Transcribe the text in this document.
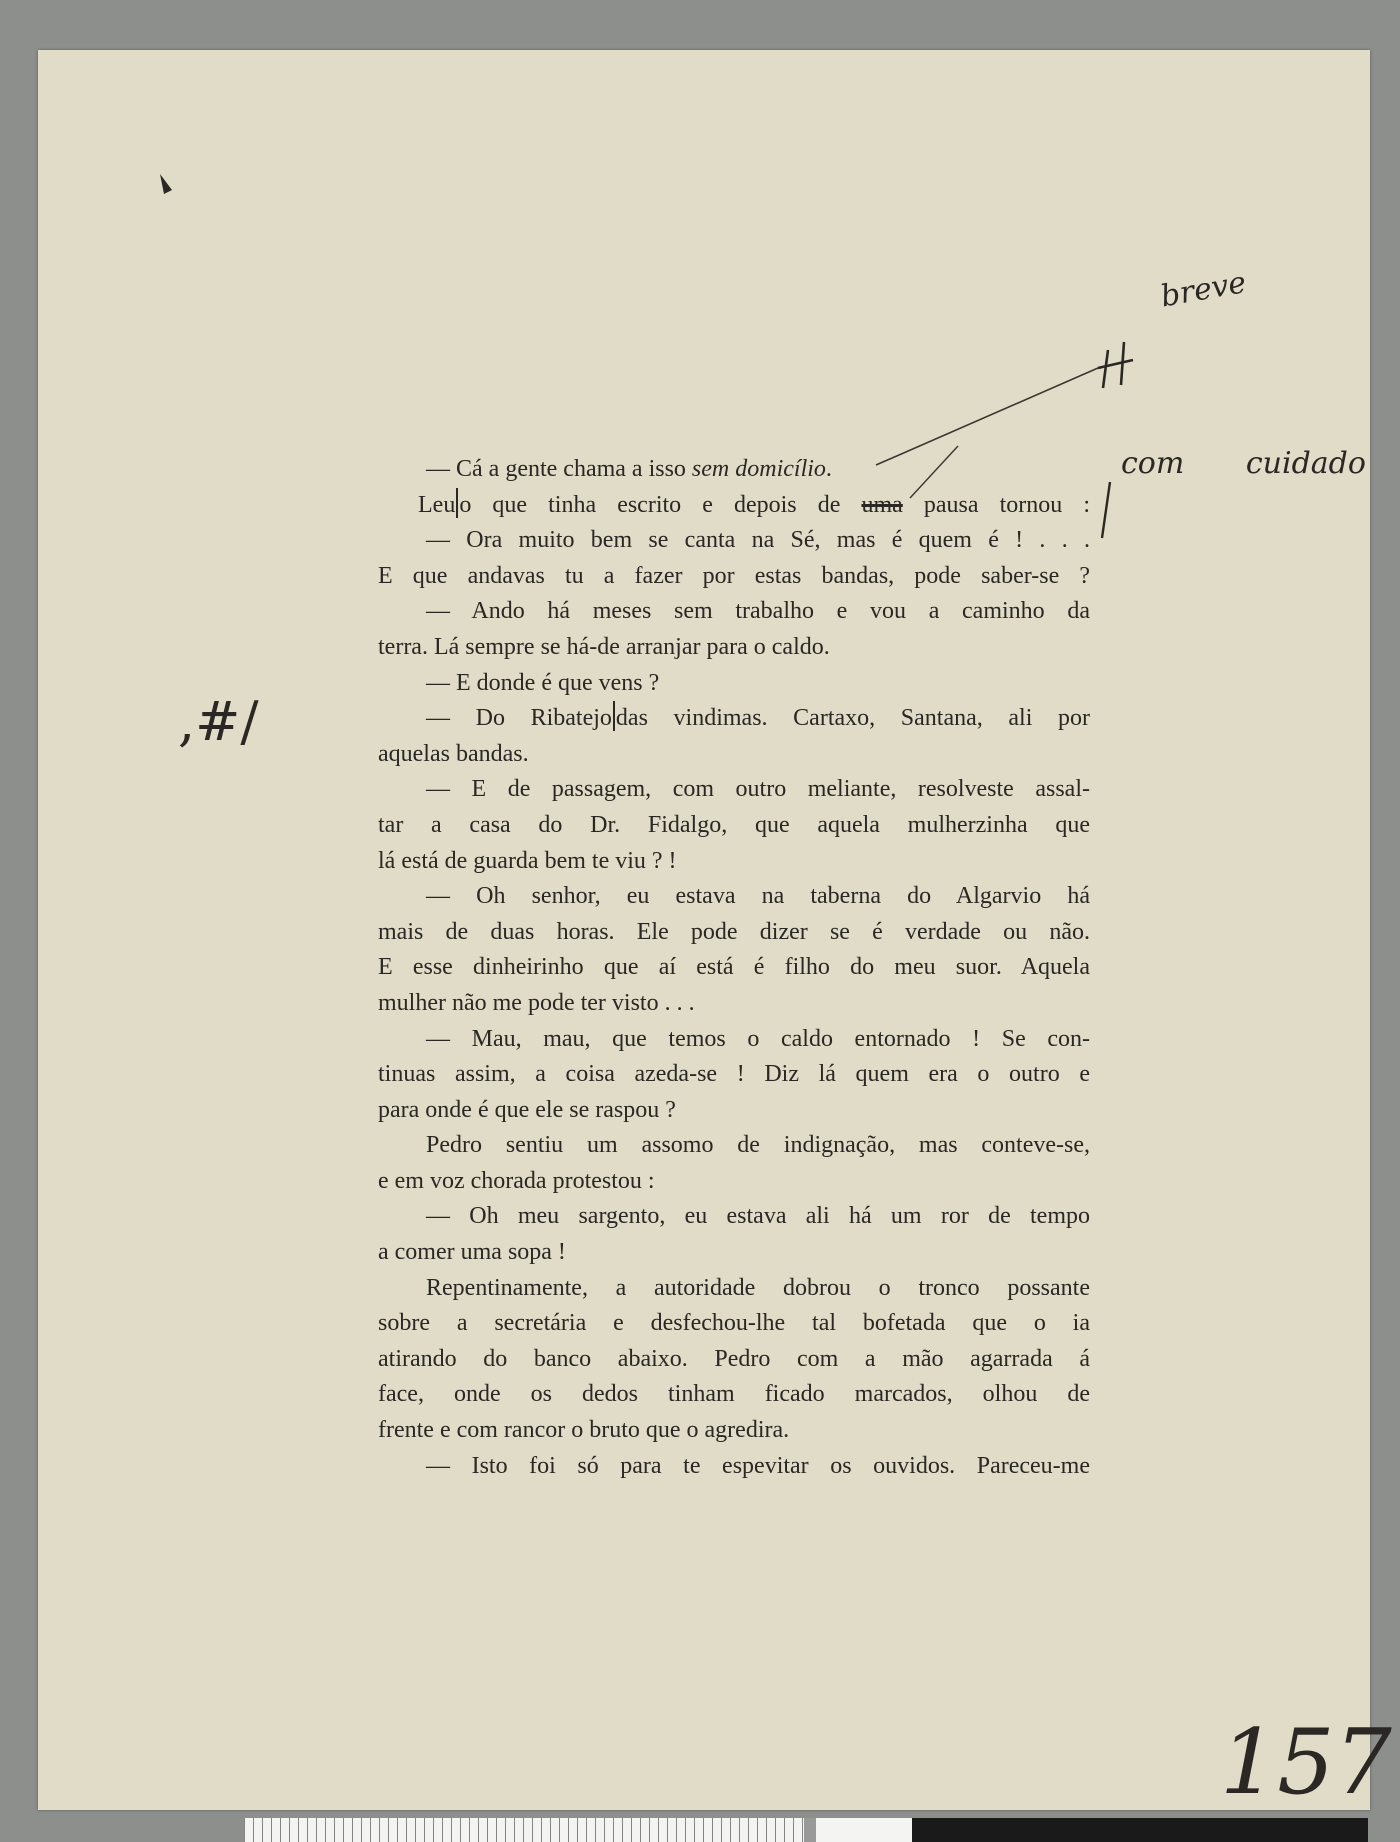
— Cá a gente chama a isso sem domicílio.
Leu o que tinha escrito e depois de uma pausa tornou :
— Ora muito bem se canta na Sé, mas é quem é ! . . .
E que andavas tu a fazer por estas bandas, pode saber-se ?
— Ando há meses sem trabalho e vou a caminho da
terra. Lá sempre se há-de arranjar para o caldo.
— E donde é que vens ?
— Do Ribatejo das vindimas. Cartaxo, Santana, ali por
aquelas bandas.
— E de passagem, com outro meliante, resolveste assal-
tar a casa do Dr. Fidalgo, que aquela mulherzinha que
lá está de guarda bem te viu ? !
— Oh senhor, eu estava na taberna do Algarvio há
mais de duas horas. Ele pode dizer se é verdade ou não.
E esse dinheirinho que aí está é filho do meu suor. Aquela
mulher não me pode ter visto . . .
— Mau, mau, que temos o caldo entornado ! Se con-
tinuas assim, a coisa azeda-se ! Diz lá quem era o outro e
para onde é que ele se raspou ?
Pedro sentiu um assomo de indignação, mas conteve-se,
e em voz chorada protestou :
— Oh meu sargento, eu estava ali há um ror de tempo
a comer uma sopa !
Repentinamente, a autoridade dobrou o tronco possante
sobre a secretária e desfechou-lhe tal bofetada que o ia
atirando do banco abaixo. Pedro com a mão agarrada á
face, onde os dedos tinham ficado marcados, olhou de
frente e com rancor o bruto que o agredira.
— Isto foi só para te espevitar os ouvidos. Pareceu-me
breve
com cuidado
,#/
157
